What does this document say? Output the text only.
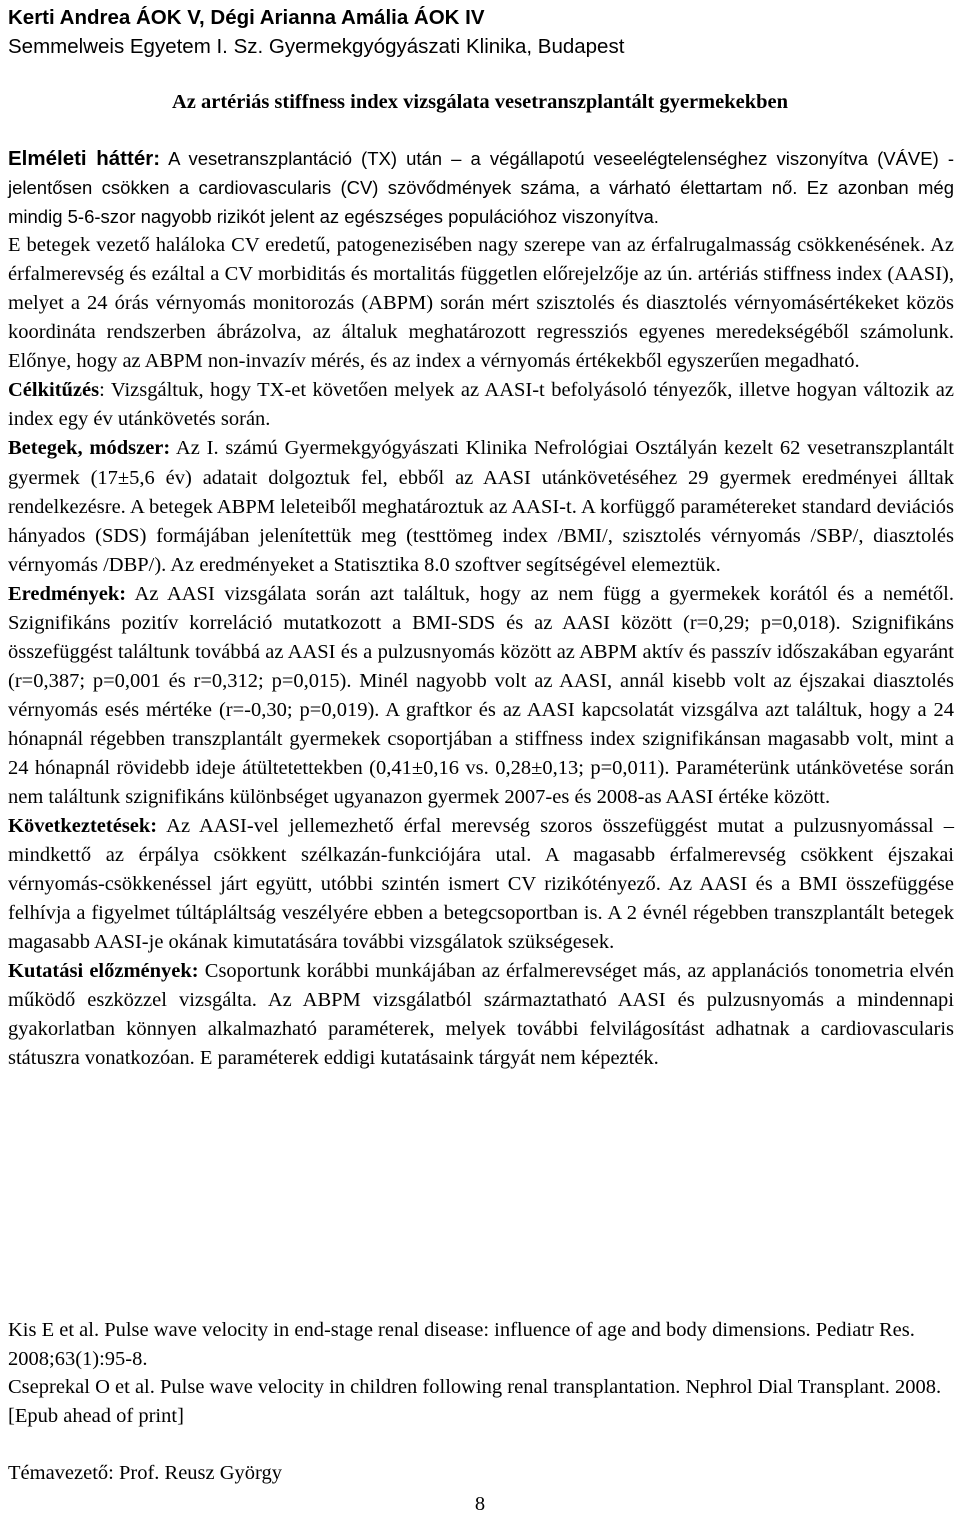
Kerti Andrea ÁOK V, Dégi Arianna Amália ÁOK IV
Semmelweis Egyetem I. Sz. Gyermekgyógyászati Klinika, Budapest
Az artériás stiffness index vizsgálata vesetranszplantált gyermekekben

Elméleti háttér: A vesetranszplantáció (TX) után – a végállapotú veseelégtelenséghez viszonyítva (VÁVE) - jelentősen csökken a cardiovascularis (CV) szövődmények száma, a várható élettartam nő. Ez azonban még mindig 5-6-szor nagyobb rizikót jelent az egészséges populációhoz viszonyítva.

E betegek vezető haláloka CV eredetű, patogenezisében nagy szerepe van az érfalrugalmasság csökkenésének. Az érfalmerevség és ezáltal a CV morbiditás és mortalitás független előrejelzője az ún. artériás stiffness index (AASI), melyet a 24 órás vérnyomás monitorozás (ABPM) során mért szisztolés és diasztolés vérnyomásértékeket közös koordináta rendszerben ábrázolva, az általuk meghatározott regressziós egyenes meredekségéből számolunk. Előnye, hogy az ABPM non-invazív mérés, és az index a vérnyomás értékekből egyszerűen megadható.

Célkitűzés: Vizsgáltuk, hogy TX-et követően melyek az AASI-t befolyásoló tényezők, illetve hogyan változik az index egy év utánkövetés során.

Betegek, módszer: Az I. számú Gyermekgyógyászati Klinika Nefrológiai Osztályán kezelt 62 vesetranszplantált gyermek (17±5,6 év) adatait dolgoztuk fel, ebből az AASI utánkövetéséhez 29 gyermek eredményei álltak rendelkezésre. A betegek ABPM leleteiből meghatároztuk az AASI-t. A korfüggő paramétereket standard deviációs hányados (SDS) formájában jelenítettük meg (testtömeg index /BMI/, szisztolés vérnyomás /SBP/, diasztolés vérnyomás /DBP/). Az eredményeket a Statisztika 8.0 szoftver segítségével elemeztük.

Eredmények: Az AASI vizsgálata során azt találtuk, hogy az nem függ a gyermekek korától és a nemétől. Szignifikáns pozitív korreláció mutatkozott a BMI-SDS és az AASI között (r=0,29; p=0,018). Szignifikáns összefüggést találtunk továbbá az AASI és a pulzusnyomás között az ABPM aktív és passzív időszakában egyaránt (r=0,387; p=0,001 és r=0,312; p=0,015). Minél nagyobb volt az AASI, annál kisebb volt az éjszakai diasztolés vérnyomás esés mértéke (r=-0,30; p=0,019). A graftkor és az AASI kapcsolatát vizsgálva azt találtuk, hogy a 24 hónapnál régebben transzplantált gyermekek csoportjában a stiffness index szignifikánsan magasabb volt, mint a 24 hónapnál rövidebb ideje átültetettekben (0,41±0,16 vs. 0,28±0,13; p=0,011). Paraméterünk utánkövetése során nem találtunk szignifikáns különbséget ugyanazon gyermek 2007-es és 2008-as AASI értéke között.

Következtetések: Az AASI-vel jellemezhető érfal merevség szoros összefüggést mutat a pulzusnyomással – mindkettő az érpálya csökkent szélkazán-funkciójára utal. A magasabb érfalmerevség csökkent éjszakai vérnyomás-csökkenéssel járt együtt, utóbbi szintén ismert CV rizikótényező. Az AASI és a BMI összefüggése felhívja a figyelmet túltápláltság veszélyére ebben a betegcsoportban is. A 2 évnél régebben transzplantált betegek magasabb AASI-je okának kimutatására további vizsgálatok szükségesek.

Kutatási előzmények: Csoportunk korábbi munkájában az érfalmerevséget más, az applanációs tonometria elvén működő eszközzel vizsgálta. Az ABPM vizsgálatból származtatható AASI és pulzusnyomás a mindennapi gyakorlatban könnyen alkalmazható paraméterek, melyek további felvilágosítást adhatnak a cardiovascularis státuszra vonatkozóan. E paraméterek eddigi kutatásaink tárgyát nem képezték.

Kis E et al. Pulse wave velocity in end-stage renal disease: influence of age and body dimensions. Pediatr Res. 2008;63(1):95-8.

Cseprekal O et al. Pulse wave velocity in children following renal transplantation. Nephrol Dial Transplant. 2008. [Epub ahead of print]

Témavezető: Prof. Reusz György
8
